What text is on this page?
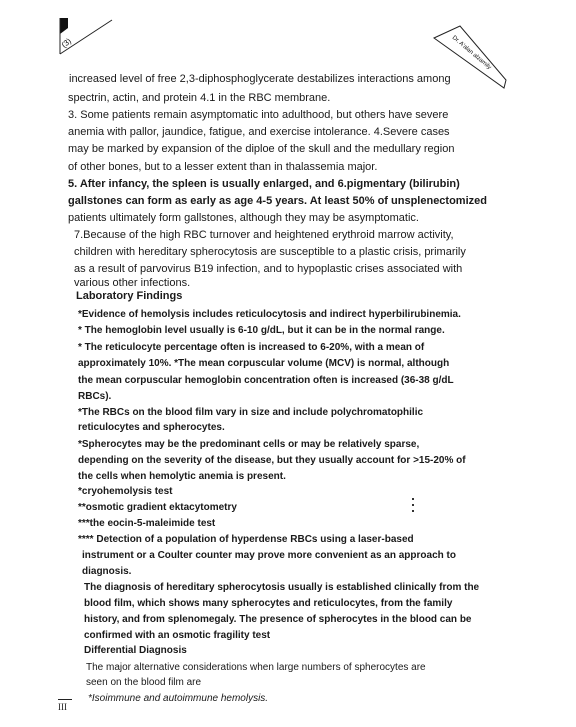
(3)	Dr. A'alan alzamily
increased level of free 2,3-diphosphoglycerate destabilizes interactions among
spectrin, actin, and protein 4.1 in the RBC membrane.
3. Some patients remain asymptomatic into adulthood, but others have severe
anemia with pallor, jaundice, fatigue, and exercise intolerance. 4.Severe cases
may be marked by expansion of the diploe of the skull and the medullary region
of other bones, but to a lesser extent than in thalassemia major.
5. After infancy, the spleen is usually enlarged, and 6.pigmentary (bilirubin)
gallstones can form as early as age 4-5 years. At least 50% of unsplenectomized
patients ultimately form gallstones, although they may be asymptomatic.
7.Because of the high RBC turnover and heightened erythroid marrow activity,
children with hereditary spherocytosis are susceptible to a plastic crisis, primarily
as a result of parvovirus B19 infection, and to hypoplastic crises associated with
various other infections.
Laboratory Findings
*Evidence of hemolysis includes reticulocytosis and indirect hyperbilirubinemia.
* The hemoglobin level usually is 6-10 g/dL, but it can be in the normal range.
* The reticulocyte percentage often is increased to 6-20%, with a mean of
approximately 10%. *The mean corpuscular volume (MCV) is normal, although
the mean corpuscular hemoglobin concentration often is increased (36-38 g/dL
RBCs).
*The RBCs on the blood film vary in size and include polychromatophilic
reticulocytes and spherocytes.
*Spherocytes may be the predominant cells or may be relatively sparse,
depending on the severity of the disease, but they usually account for >15-20% of
the cells when hemolytic anemia is present.
*cryohemolysis test
**osmotic gradient ektacytometry
***the eocin-5-maleimide test
**** Detection of a population of hyperdense RBCs using a laser-based
instrument or a Coulter counter may prove more convenient as an approach to
diagnosis.
The diagnosis of hereditary spherocytosis usually is established clinically from the
blood film, which shows many spherocytes and reticulocytes, from the family
history, and from splenomegaly. The presence of spherocytes in the blood can be
confirmed with an osmotic fragility test
Differential Diagnosis
The major alternative considerations when large numbers of spherocytes are
seen on the blood film are
*Isoimmune and autoimmune hemolysis.
III
